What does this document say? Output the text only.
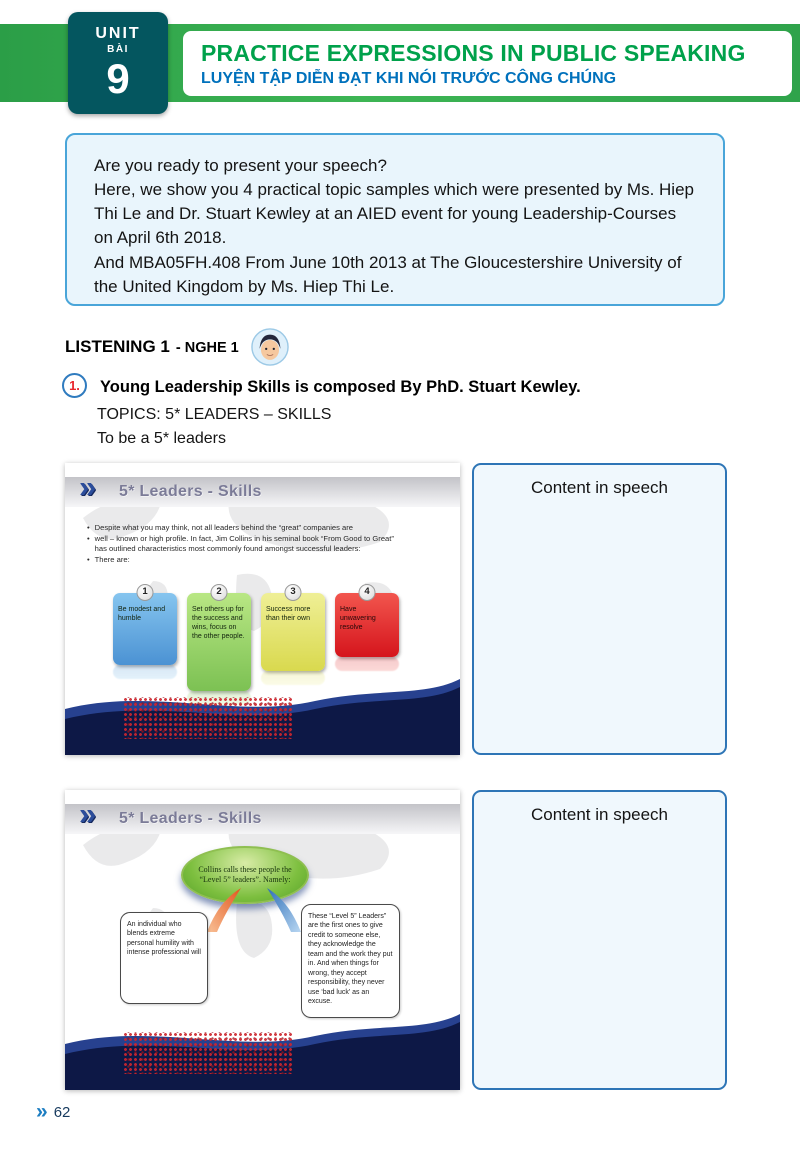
PRACTICE EXPRESSIONS IN PUBLIC SPEAKING
LUYỆN TẬP DIỄN ĐẠT KHI NÓI TRƯỚC CÔNG CHÚNG
UNIT
BÀI
9
Are you ready to present your speech?
Here, we show you 4 practical topic samples which were presented by Ms. Hiep Thi Le and Dr. Stuart Kewley at an AIED event for young Leadership-Courses on April 6th 2018.
And MBA05FH.408 From June 10th 2013 at The Gloucestershire University of the United Kingdom by Ms. Hiep Thi Le.
LISTENING 1 - NGHE 1
1.	Young Leadership Skills is composed By PhD. Stuart Kewley.
TOPICS: 5* LEADERS – SKILLS
To be a 5* leaders
» 5* Leaders - Skills
• Despite what you may think, not all leaders behind the “great” companies are
• well – known or high profile. In fact, Jim Collins in his seminal book “From Good to Great” has outlined characteristics most commonly found amongst successful leaders:
• There are:
1
Be modest and humble
2
Set others up for the success and wins, focus on the other people.
3
Success more than their own
4
Have unwavering resolve
Content in speech
» 5* Leaders - Skills
Collins calls these people the “Level 5” leaders”. Namely:
An individual who blends extreme personal humility with intense professional will
These “Level 5” Leaders” are the first ones to give credit to someone else, they acknowledge the team and the work they put in. And when things for wrong, they accept responsibility, they never use ‘bad luck’ as an excuse.
Content in speech
» 62
